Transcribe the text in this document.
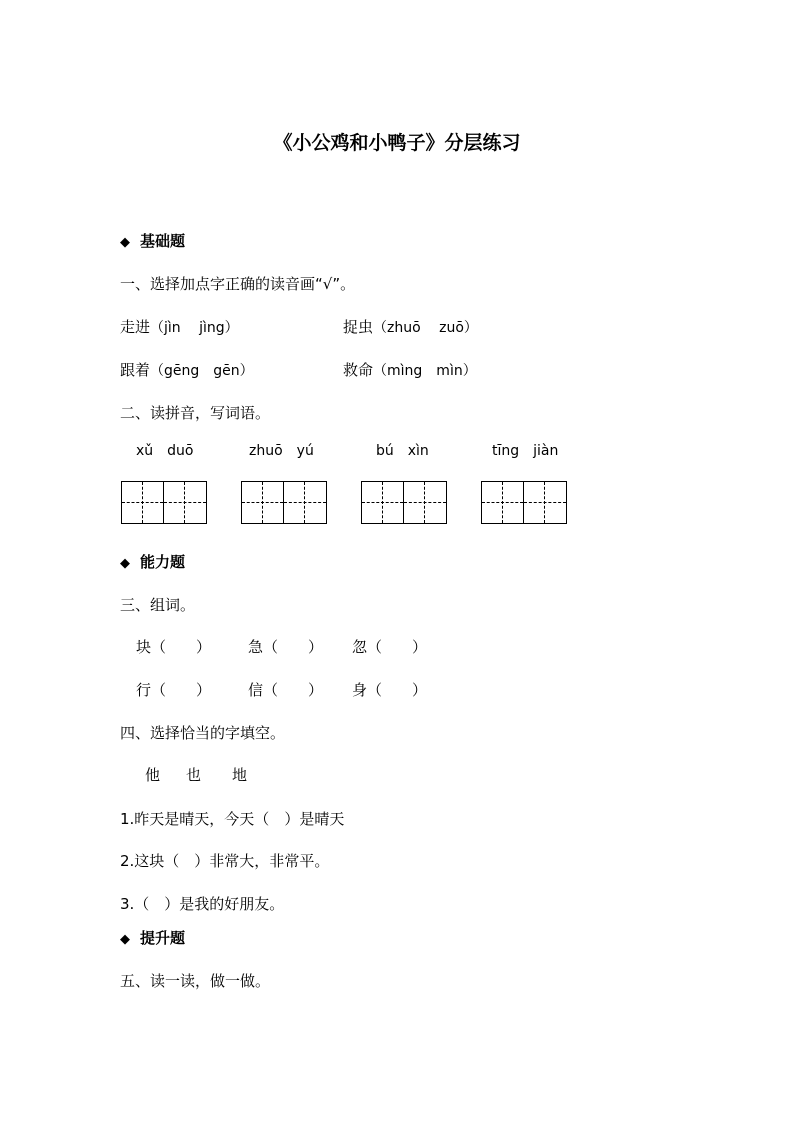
《小公鸡和小鸭子》分层练习
◆ 基础题
一、选择加点字正确的读音画“√”。
走进（jìn　 jìng）	捉虫（zhuō　 zuō）
跟着（gēng　gēn）	救命（mìng　mìn）
二、读拼音，写词语。
xǔ　duō	zhuō　yú	bú　xìn	tīng　jiàn
◆ 能力题
三、组词。
块（　　） 急（　　） 忽（　　）
行（　　） 信（　　） 身（　　）
四、选择恰当的字填空。
他 也 地
1.昨天是晴天，今天（　）是晴天
2.这块（　）非常大，非常平。
3.（　）是我的好朋友。
◆ 提升题
五、读一读，做一做。
